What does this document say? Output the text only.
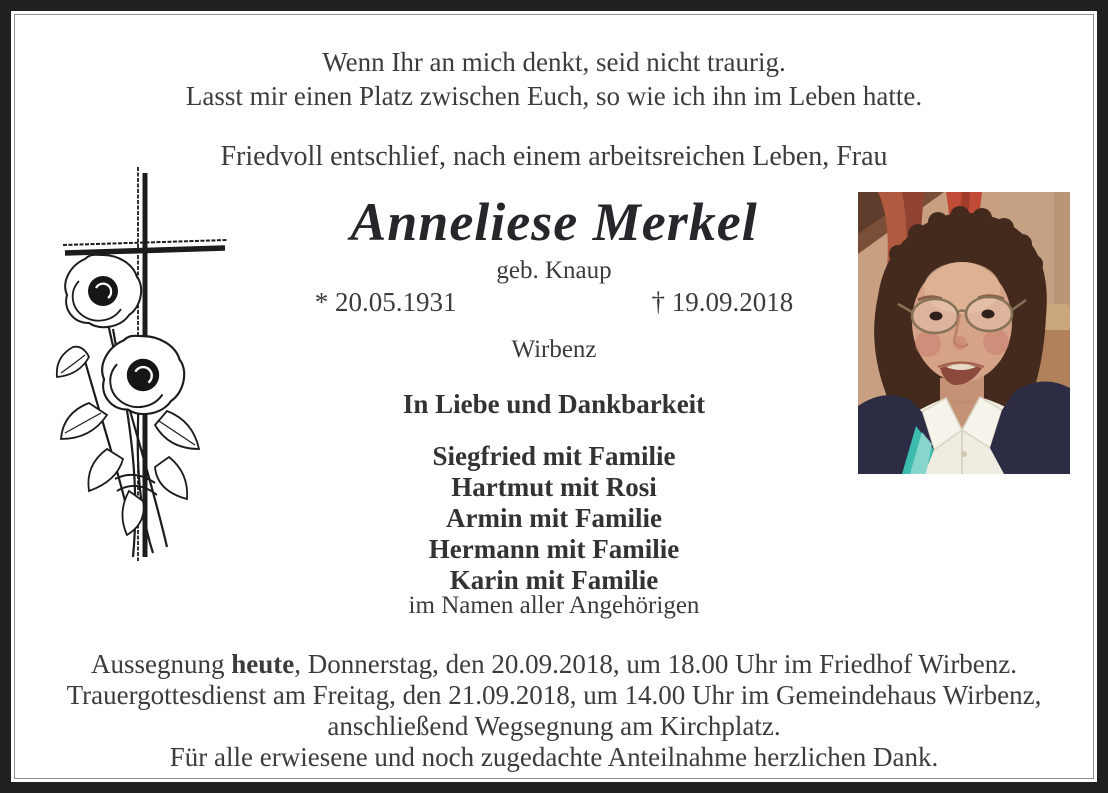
Wenn Ihr an mich denkt, seid nicht traurig.
Lasst mir einen Platz zwischen Euch, so wie ich ihn im Leben hatte.
Friedvoll entschlief, nach einem arbeitsreichen Leben, Frau
Anneliese Merkel
geb. Knaup
* 20.05.1931	† 19.09.2018
Wirbenz
In Liebe und Dankbarkeit
Siegfried mit Familie
Hartmut mit Rosi
Armin mit Familie
Hermann mit Familie
Karin mit Familie
im Namen aller Angehörigen
Aussegnung heute, Donnerstag, den 20.09.2018, um 18.00 Uhr im Friedhof Wirbenz.
Trauergottesdienst am Freitag, den 21.09.2018, um 14.00 Uhr im Gemeindehaus Wirbenz,
anschließend Wegsegnung am Kirchplatz.
Für alle erwiesene und noch zugedachte Anteilnahme herzlichen Dank.
